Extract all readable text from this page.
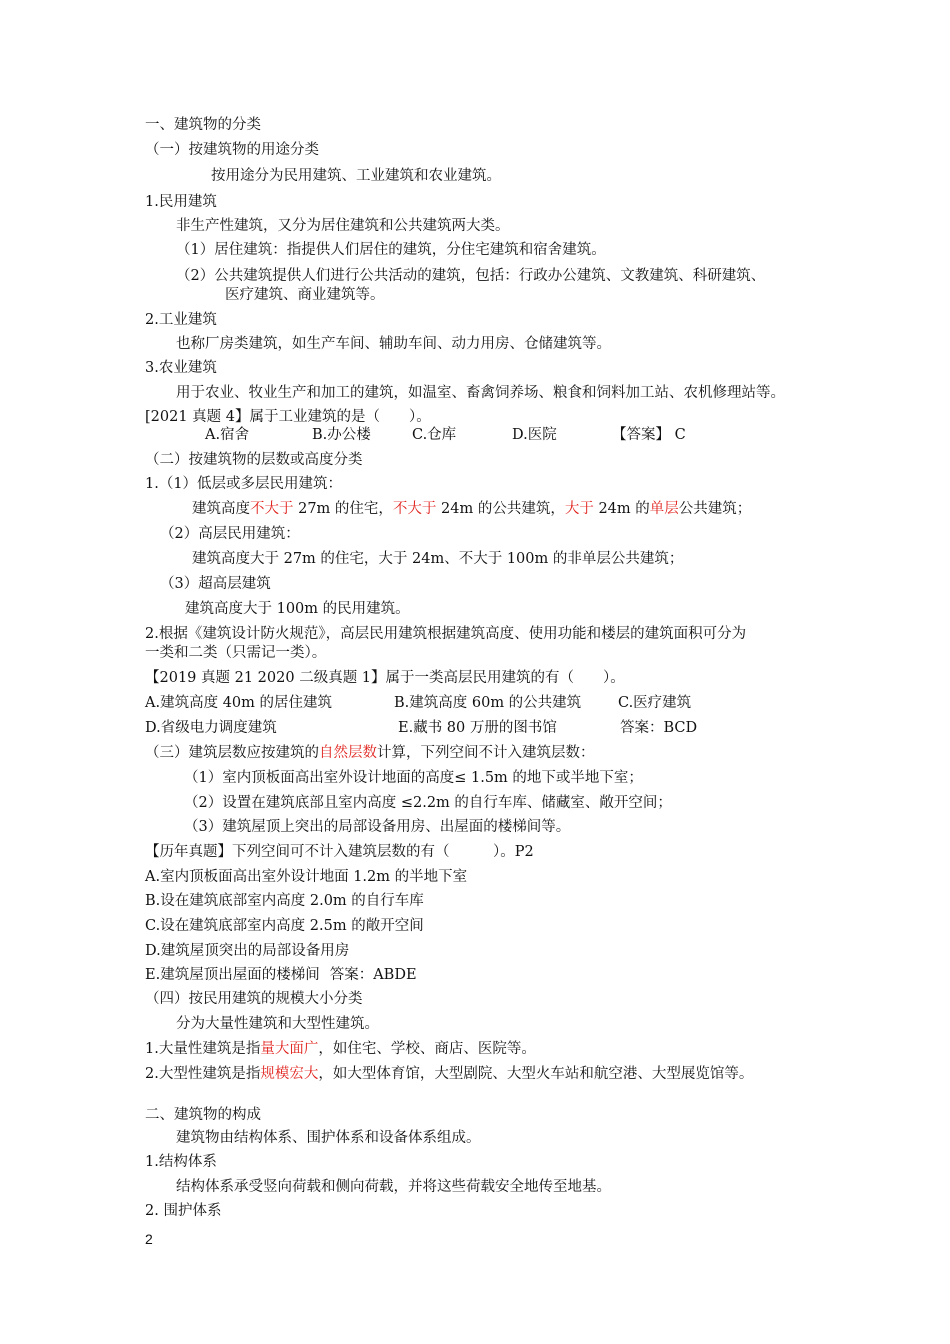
一、建筑物的分类
（一）按建筑物的用途分类
按用途分为民用建筑、工业建筑和农业建筑。
1.民用建筑
非生产性建筑，又分为居住建筑和公共建筑两大类。
（1）居住建筑：指提供人们居住的建筑，分住宅建筑和宿舍建筑。
（2）公共建筑提供人们进行公共活动的建筑，包括：行政办公建筑、文教建筑、科研建筑、
医疗建筑、商业建筑等。
2.工业建筑
也称厂房类建筑，如生产车间、辅助车间、动力用房、仓储建筑等。
3.农业建筑
用于农业、牧业生产和加工的建筑，如温室、畜禽饲养场、粮食和饲料加工站、农机修理站等。
[2021 真题 4】属于工业建筑的是（　　）。
A.宿舍	B.办公楼	C.仓库	D.医院	【答案】 C
（二）按建筑物的层数或高度分类
1.（1）低层或多层民用建筑：
建筑高度不大于 27m 的住宅，不大于 24m 的公共建筑，大于 24m 的单层公共建筑；
（2）高层民用建筑：
建筑高度大于 27m 的住宅，大于 24m、不大于 100m 的非单层公共建筑；
（3）超高层建筑
建筑高度大于 100m 的民用建筑。
2.根据《建筑设计防火规范》，高层民用建筑根据建筑高度、使用功能和楼层的建筑面积可分为
一类和二类（只需记一类）。
【2019 真题 21 2020 二级真题 1】属于一类高层民用建筑的有（　　）。
A.建筑高度 40m 的居住建筑	B.建筑高度 60m 的公共建筑	C.医疗建筑
D.省级电力调度建筑	E.藏书 80 万册的图书馆	答案：BCD
（三）建筑层数应按建筑的自然层数计算，下列空间不计入建筑层数：
（1）室内顶板面高出室外设计地面的高度≤ 1.5m 的地下或半地下室；
（2）设置在建筑底部且室内高度 ≤2.2m 的自行车库、储藏室、敞开空间；
（3）建筑屋顶上突出的局部设备用房、出屋面的楼梯间等。
【历年真题】下列空间可不计入建筑层数的有（　　　）。P2
A.室内顶板面高出室外设计地面 1.2m 的半地下室
B.设在建筑底部室内高度 2.0m 的自行车库
C.设在建筑底部室内高度 2.5m 的敞开空间
D.建筑屋顶突出的局部设备用房
E.建筑屋顶出屋面的楼梯间 答案：ABDE
（四）按民用建筑的规模大小分类
分为大量性建筑和大型性建筑。
1.大量性建筑是指量大面广，如住宅、学校、商店、医院等。
2.大型性建筑是指规模宏大，如大型体育馆，大型剧院、大型火车站和航空港、大型展览馆等。
二、建筑物的构成
建筑物由结构体系、围护体系和设备体系组成。
1.结构体系
结构体系承受竖向荷载和侧向荷载，并将这些荷载安全地传至地基。
2. 围护体系
2
